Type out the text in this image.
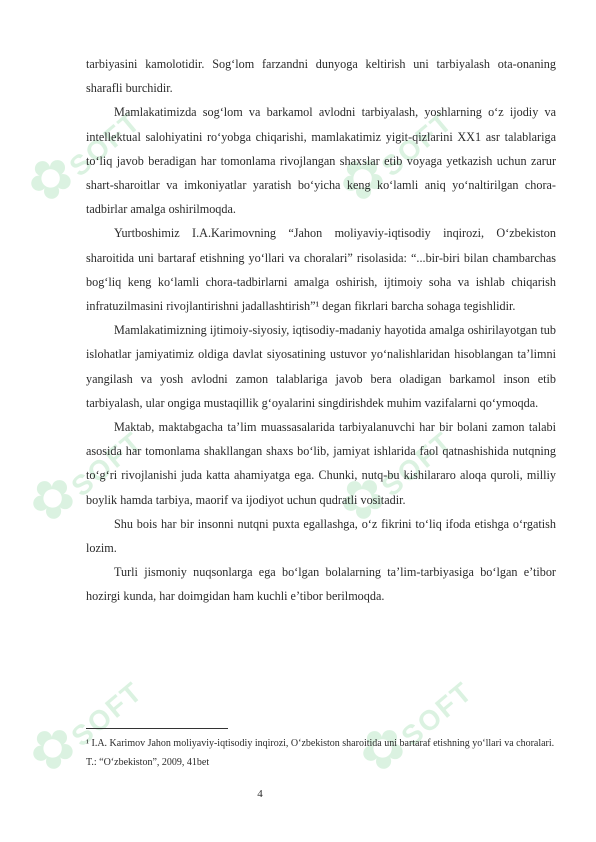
✿SOFT	✿SOFT
✿SOFT	✿SOFT
✿SOFT	✿SOFT

tarbiyasini kamolotidir. Sog‘lom farzandni dunyoga keltirish uni tarbiyalash ota-onaning sharafli burchidir.

Mamlakatimizda sog‘lom va barkamol avlodni tarbiyalash, yoshlarning o‘z ijodiy va intellektual salohiyatini ro‘yobga chiqarishi, mamlakatimiz yigit-qizlarini XX1 asr talablariga to‘liq javob beradigan har tomonlama rivojlangan shaxslar etib voyaga yetkazish uchun zarur shart-sharoitlar va imkoniyatlar yaratish bo‘yicha keng ko‘lamli aniq yo‘naltirilgan chora-tadbirlar amalga oshirilmoqda.

Yurtboshimiz I.A.Karimovning “Jahon moliyaviy-iqtisodiy inqirozi, O‘zbekiston sharoitida uni bartaraf etishning yo‘llari va choralari” risolasida: “...bir-biri bilan chambarchas bog‘liq keng ko‘lamli chora-tadbirlarni amalga oshirish, ijtimoiy soha va ishlab chiqarish infratuzilmasini rivojlantirishni jadallashtirish”¹ degan fikrlari barcha sohaga tegishlidir.

Mamlakatimizning ijtimoiy-siyosiy, iqtisodiy-madaniy hayotida amalga oshirilayotgan tub islohatlar jamiyatimiz oldiga davlat siyosatining ustuvor yo‘nalishlaridan hisoblangan ta’limni yangilash va yosh avlodni zamon talablariga javob bera oladigan barkamol inson etib tarbiyalash, ular ongiga mustaqillik g‘oyalarini singdirishdek muhim vazifalarni qo‘ymoqda.

Maktab, maktabgacha ta’lim muassasalarida tarbiyalanuvchi har bir bolani zamon talabi asosida har tomonlama shakllangan shaxs bo‘lib, jamiyat ishlarida faol qatnashishida nutqning to‘g‘ri rivojlanishi juda katta ahamiyatga ega. Chunki, nutq-bu kishilararo aloqa quroli, milliy boylik hamda tarbiya, maorif va ijodiyot uchun qudratli vositadir.

Shu bois har bir insonni nutqni puxta egallashga, o‘z fikrini to‘liq ifoda etishga o‘rgatish lozim.

Turli jismoniy nuqsonlarga ega bo‘lgan bolalarning ta’lim-tarbiyasiga bo‘lgan e’tibor hozirgi kunda, har doimgidan ham kuchli e’tibor berilmoqda.

¹ I.A. Karimov Jahon moliyaviy-iqtisodiy inqirozi, O‘zbekiston sharoitida uni bartaraf etishning yo‘llari va choralari. T.: “O‘zbekiston”, 2009, 41bet
4
